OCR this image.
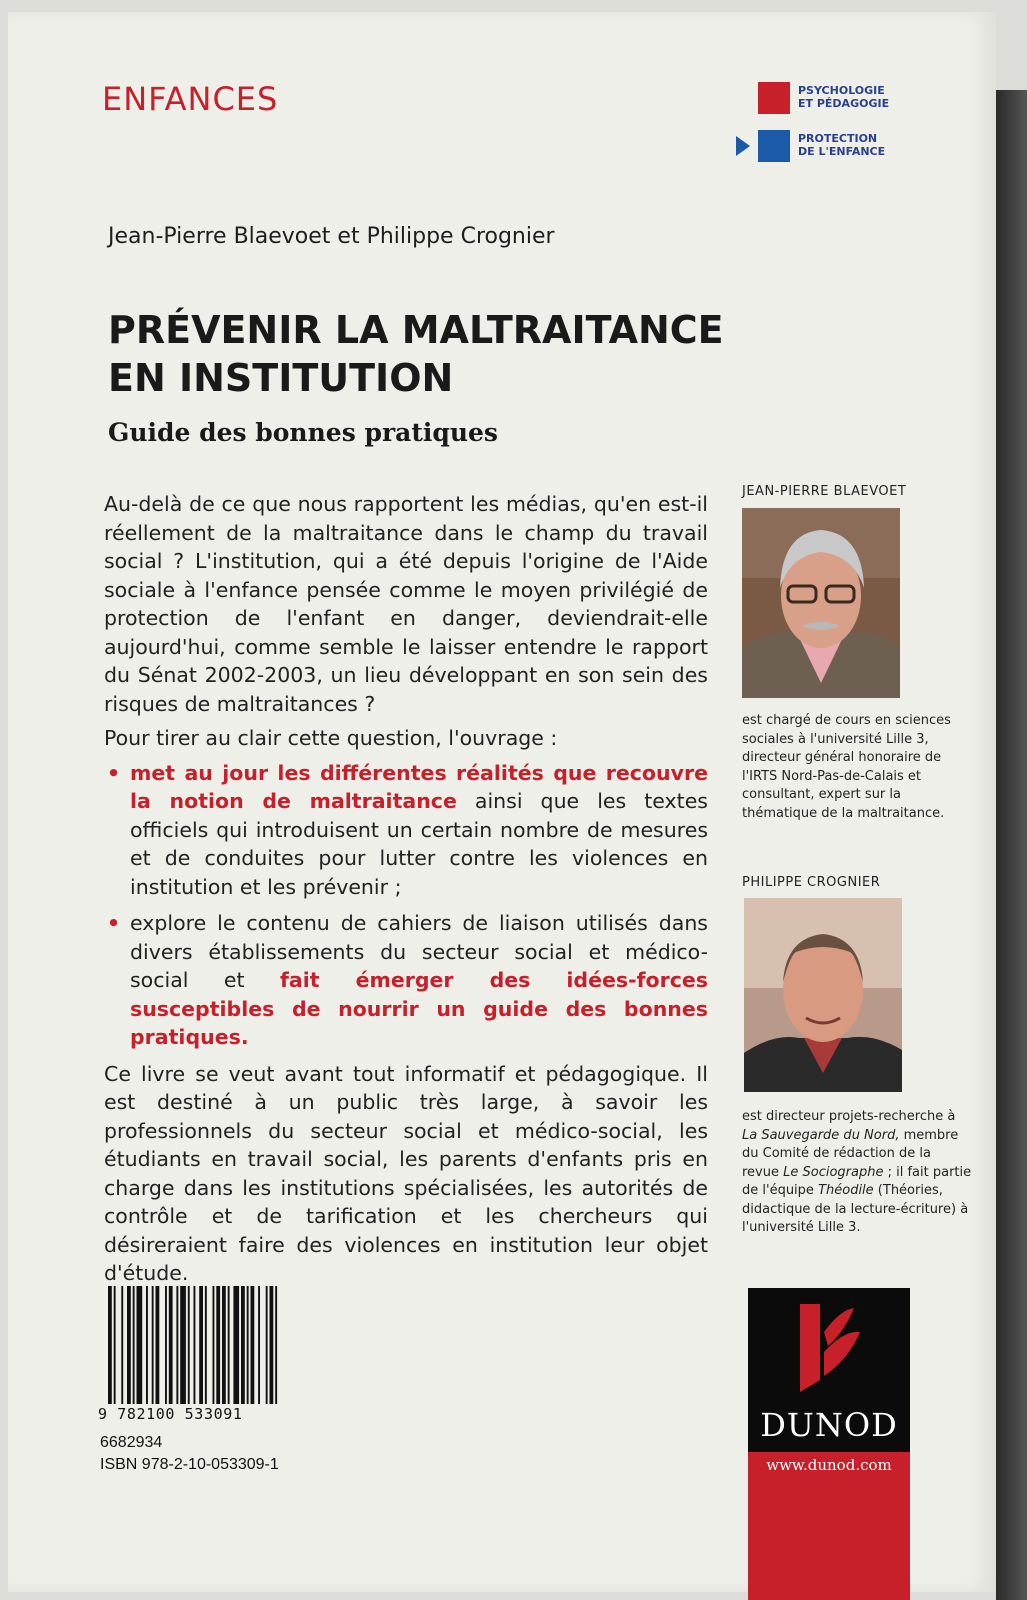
ENFANCES	PSYCHOLOGIE
ET PÉDAGOGIE
PROTECTION
DE L'ENFANCE
Jean-Pierre Blaevoet et Philippe Crognier
PRÉVENIR LA MALTRAITANCE
EN INSTITUTION
Guide des bonnes pratiques

Au-delà de ce que nous rapportent les médias, qu'en est-il réellement de la maltraitance dans le champ du travail social ? L'institution, qui a été depuis l'origine de l'Aide sociale à l'enfance pensée comme le moyen privilégié de protection de l'enfant en danger, deviendrait-elle aujourd'hui, comme semble le laisser entendre le rapport du Sénat 2002-2003, un lieu développant en son sein des risques de maltraitances ?

Pour tirer au clair cette question, l'ouvrage :

• met au jour les différentes réalités que recouvre la notion de maltraitance ainsi que les textes officiels qui introduisent un certain nombre de mesures et de conduites pour lutter contre les violences en institution et les prévenir ;
• explore le contenu de cahiers de liaison utilisés dans divers établissements du secteur social et médico-social et fait émerger des idées-forces susceptibles de nourrir un guide des bonnes pratiques.

Ce livre se veut avant tout informatif et pédagogique. Il est destiné à un public très large, à savoir les professionnels du secteur social et médico-social, les étudiants en travail social, les parents d'enfants pris en charge dans les institutions spécialisées, les autorités de contrôle et de tarification et les chercheurs qui désireraient faire des violences en institution leur objet d'étude.

JEAN-PIERRE BLAEVOET
est chargé de cours en sciences sociales à l'université Lille 3, directeur général honoraire de l'IRTS Nord-Pas-de-Calais et consultant, expert sur la thématique de la maltraitance.
PHILIPPE CROGNIER
est directeur projets-recherche à La Sauvegarde du Nord, membre du Comité de rédaction de la revue Le Sociographe ; il fait partie de l'équipe Théodile (Théories, didactique de la lecture-écriture) à l'université Lille 3.
9 782100 533091
6682934
ISBN 978-2-10-053309-1
DUNOD
www.dunod.com
